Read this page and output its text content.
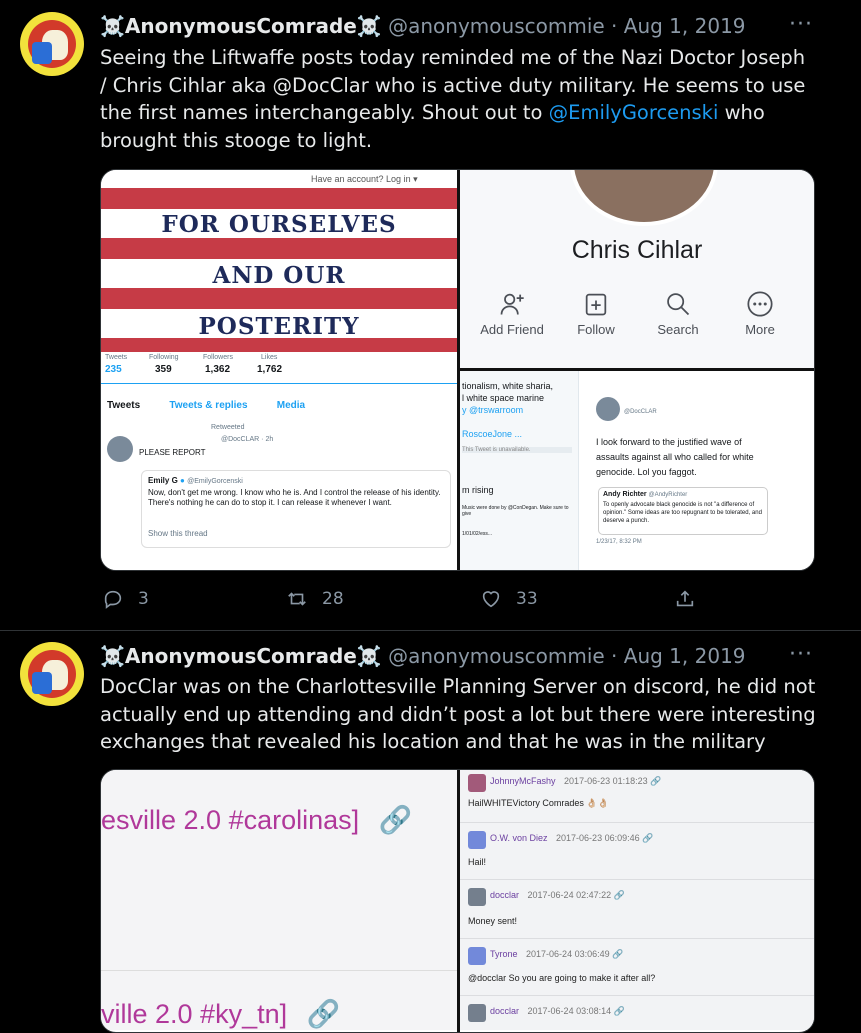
☠️AnonymousComrade☠️ @anonymouscommie · Aug 1, 2019 ···
Seeing the Liftwaffe posts today reminded me of the Nazi Doctor Joseph / Chris Cihlar aka @DocClar who is active duty military. He seems to use the first names interchangeably. Shout out to @EmilyGorcenski who brought this stooge to light.
Have an account? Log in ▾
FOR OURSELVES
AND OUR
POSTERITY
Tweets
235
Following
359
Followers
1,362
Likes
1,762
Tweets	Tweets & replies	Media
Retweeted
@DocCLAR · 2h
PLEASE REPORT
Emily G ● @EmilyGorcenski
Now, don't get me wrong. I know who he is. And I control the release of his identity. There's nothing he can do to stop it. I can release it whenever I want.
Show this thread
Chris Cihlar
Add Friend	Follow	Search	More
tionalism, white sharia,
l white space marine
y @trswarroom
RoscoeJone ...
This Tweet is unavailable.
m rising
Music were done by @ConDegan. Make sure to give
1/01/02/ess...
@DocCLAR
I look forward to the justified wave of assaults against all who called for white genocide. Lol you faggot.
Andy Richter @AndyRichter
To openly advocate black genocide is not "a difference of opinion." Some ideas are too repugnant to be tolerated, and deserve a punch.
1/23/17, 8:32 PM
3	28	33
☠️AnonymousComrade☠️ @anonymouscommie · Aug 1, 2019 ···
DocClar was on the Charlottesville Planning Server on discord, he did not actually end up attending and didn’t post a lot but there were interesting exchanges that revealed his location and that he was in the military
esville 2.0 #carolinas] 🔗
ville 2.0 #ky_tn] 🔗
JohnnyMcFashy 2017-06-23 01:18:23 🔗
HailWHITEVictory Comrades 👌🏼👌🏼
O.W. von Diez 2017-06-23 06:09:46 🔗
Hail!
docclar 2017-06-24 02:47:22 🔗
Money sent!
Tyrone 2017-06-24 03:06:49 🔗
@docclar So you are going to make it after all?
docclar 2017-06-24 03:08:14 🔗
